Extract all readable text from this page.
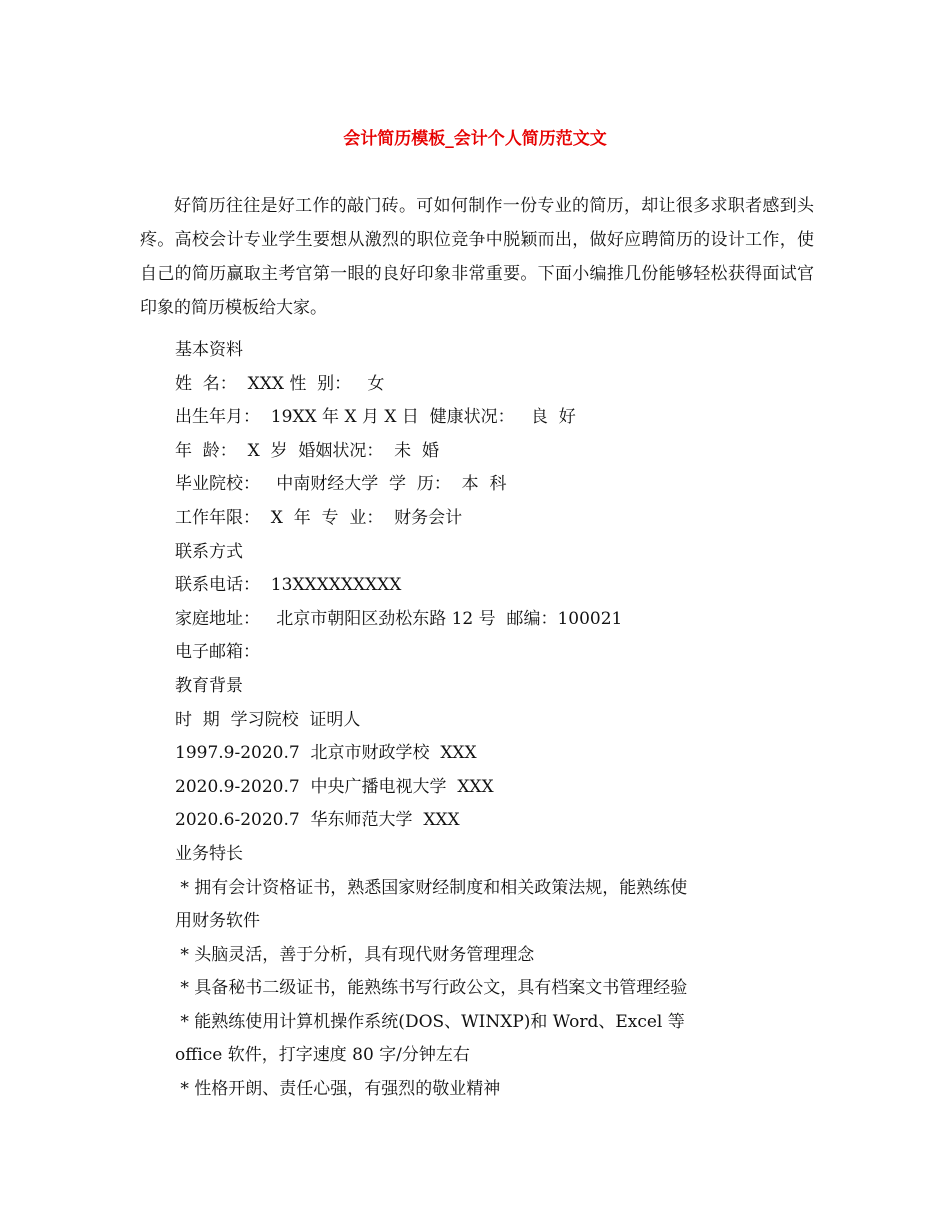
会计简历模板_会计个人简历范文文

好简历往往是好工作的敲门砖。可如何制作一份专业的简历，却让很多求职者感到头疼。高校会计专业学生要想从激烈的职位竞争中脱颖而出，做好应聘简历的设计工作，使自己的简历赢取主考官第一眼的良好印象非常重要。下面小编推几份能够轻松获得面试官印象的简历模板给大家。

基本资料
姓  名：  XXX 性  别：   女
出生年月：  19XX 年 X 月 X 日  健康状况：   良  好
年  龄：  X  岁  婚姻状况：  未  婚
毕业院校：   中南财经大学  学  历：  本  科
工作年限：  X  年  专  业：  财务会计
联系方式
联系电话：  13XXXXXXXXX
家庭地址：   北京市朝阳区劲松东路 12 号  邮编：100021
电子邮箱：
教育背景
时  期  学习院校  证明人
1997.9-2020.7  北京市财政学校  XXX
2020.9-2020.7  中央广播电视大学  XXX
2020.6-2020.7  华东师范大学  XXX
业务特长
* 拥有会计资格证书，熟悉国家财经制度和相关政策法规，能熟练使
用财务软件
* 头脑灵活，善于分析，具有现代财务管理理念
* 具备秘书二级证书，能熟练书写行政公文，具有档案文书管理经验
* 能熟练使用计算机操作系统(DOS、WINXP)和 Word、Excel 等
office 软件，打字速度 80 字/分钟左右
* 性格开朗、责任心强，有强烈的敬业精神
